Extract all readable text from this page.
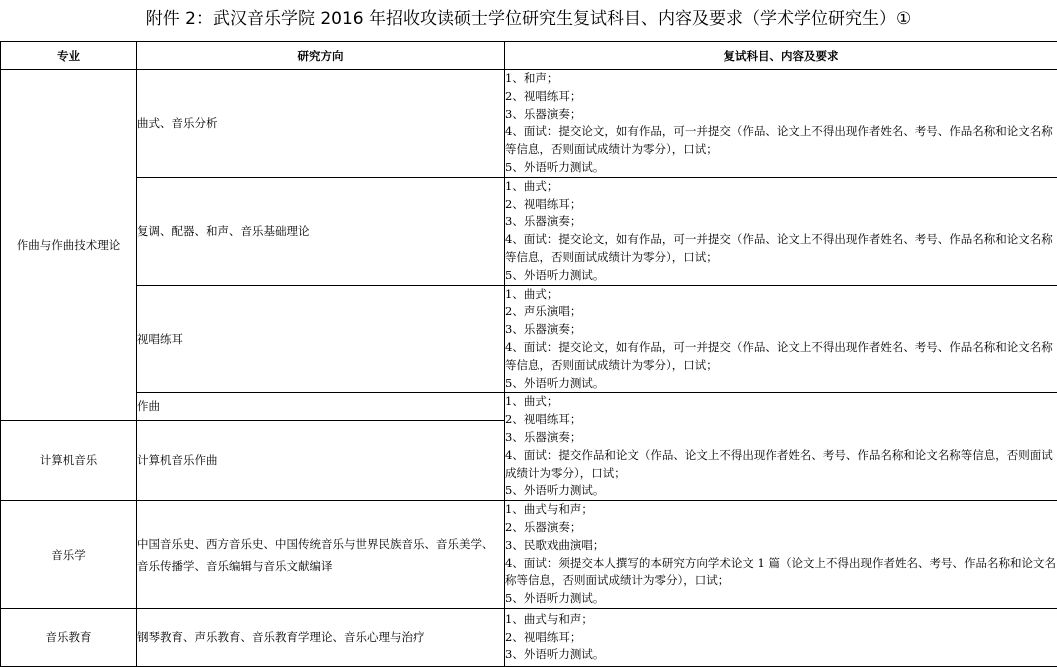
附件 2：武汉音乐学院 2016 年招收攻读硕士学位研究生复试科目、内容及要求（学术学位研究生）①
专业	研究方向	复试科目、内容及要求
作曲与作曲技术理论	曲式、音乐分析	1、和声；
2、视唱练耳；
3、乐器演奏；
4、面试：提交论文，如有作品，可一并提交（作品、论文上不得出现作者姓名、考号、作品名称和论文名称等信息，否则面试成绩计为零分），口试；
5、外语听力测试。

	复调、配器、和声、音乐基础理论	1、曲式；
2、视唱练耳；
3、乐器演奏；
4、面试：提交论文，如有作品，可一并提交（作品、论文上不得出现作者姓名、考号、作品名称和论文名称等信息，否则面试成绩计为零分），口试；
5、外语听力测试。

	视唱练耳	1、曲式；
2、声乐演唱；
3、乐器演奏；
4、面试：提交论文，如有作品，可一并提交（作品、论文上不得出现作者姓名、考号、作品名称和论文名称等信息，否则面试成绩计为零分），口试；
5、外语听力测试。

	作曲	1、曲式；
2、视唱练耳；
3、乐器演奏；
4、面试：提交作品和论文（作品、论文上不得出现作者姓名、考号、作品名称和论文名称等信息，否则面试成绩计为零分），口试；
5、外语听力测试。

计算机音乐	计算机音乐作曲	
音乐学	中国音乐史、西方音乐史、中国传统音乐与世界民族音乐、音乐美学、音乐传播学、音乐编辑与音乐文献编译	1、曲式与和声；
2、乐器演奏；
3、民歌戏曲演唱；
4、面试：须提交本人撰写的本研究方向学术论文 1 篇（论文上不得出现作者姓名、考号、作品名称和论文名称等信息，否则面试成绩计为零分），口试；
5、外语听力测试。

音乐教育	钢琴教育、声乐教育、音乐教育学理论、音乐心理与治疗	1、曲式与和声；
2、视唱练耳；
3、外语听力测试。
